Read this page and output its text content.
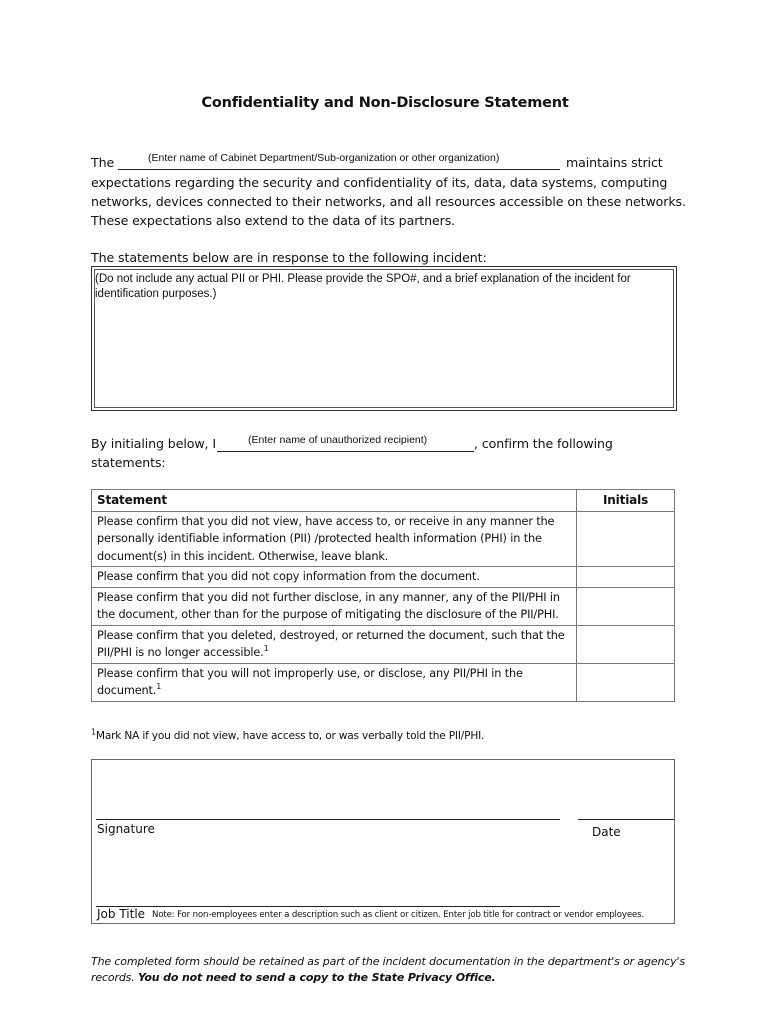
Confidentiality and Non-Disclosure Statement
The	(Enter name of Cabinet Department/Sub-organization or other organization)	maintains strict
expectations regarding the security and confidentiality of its, data, data systems, computing
networks, devices connected to their networks, and all resources accessible on these networks.
These expectations also extend to the data of its partners.
The statements below are in response to the following incident:
(Do not include any actual PII or PHI. Please provide the SPO#, and a brief explanation of the incident for identification purposes.)
By initialing below, I	(Enter name of unauthorized recipient)	, confirm the following
statements:
Statement	Initials
Please confirm that you did not view, have access to, or receive in any manner the personally identifiable information (PII) /protected health information (PHI) in the document(s) in this incident. Otherwise, leave blank.	
Please confirm that you did not copy information from the document.	
Please confirm that you did not further disclose, in any manner, any of the PII/PHI in the document, other than for the purpose of mitigating the disclosure of the PII/PHI.	
Please confirm that you deleted, destroyed, or returned the document, such that the PII/PHI is no longer accessible.$^1$	
Please confirm that you will not improperly use, or disclose, any PII/PHI in the document.$^1$	
$^1$Mark NA if you did not view, have access to, or was verbally told the PII/PHI.
Signature	Date
Job Title Note: For non-employees enter a description such as client or citizen. Enter job title for contract or vendor employees.
The completed form should be retained as part of the incident documentation in the department's or agency's records. You do not need to send a copy to the State Privacy Office.
